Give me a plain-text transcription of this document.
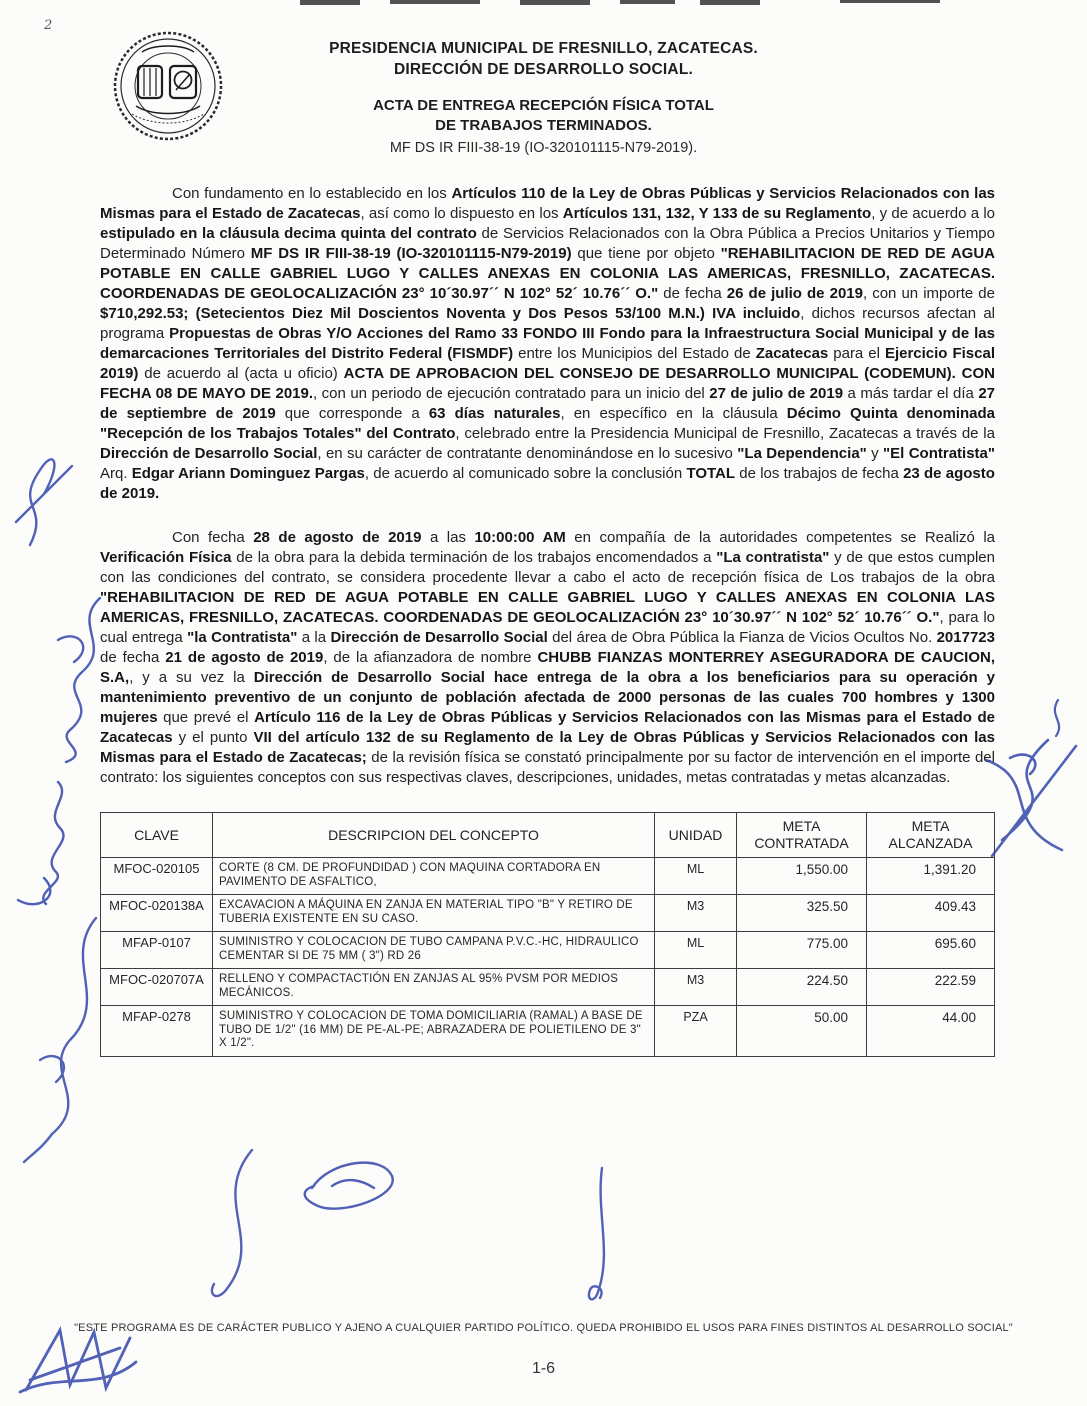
2
PRESIDENCIA MUNICIPAL DE FRESNILLO, ZACATECAS.
DIRECCIÓN DE DESARROLLO SOCIAL.
ACTA DE ENTREGA RECEPCIÓN FÍSICA TOTAL
DE TRABAJOS TERMINADOS.
MF DS IR FIII-38-19 (IO-320101115-N79-2019).

Con fundamento en lo establecido en los Artículos 110 de la Ley de Obras Públicas y Servicios Relacionados con las Mismas para el Estado de Zacatecas, así como lo dispuesto en los Artículos 131, 132, Y 133 de su Reglamento, y de acuerdo a lo estipulado en la cláusula decima quinta del contrato de Servicios Relacionados con la Obra Pública a Precios Unitarios y Tiempo Determinado Número MF DS IR FIII-38-19 (IO-320101115-N79-2019) que tiene por objeto "REHABILITACION DE RED DE AGUA POTABLE EN CALLE GABRIEL LUGO Y CALLES ANEXAS EN COLONIA LAS AMERICAS, FRESNILLO, ZACATECAS. COORDENADAS DE GEOLOCALIZACIÓN 23° 10´30.97´´ N 102° 52´ 10.76´´ O." de fecha 26 de julio de 2019, con un importe de $710,292.53; (Setecientos Diez Mil Doscientos Noventa y Dos Pesos 53/100 M.N.) IVA incluido, dichos recursos afectan al programa Propuestas de Obras Y/O Acciones del Ramo 33 FONDO III Fondo para la Infraestructura Social Municipal y de las demarcaciones Territoriales del Distrito Federal (FISMDF) entre los Municipios del Estado de Zacatecas para el Ejercicio Fiscal 2019) de acuerdo al (acta u oficio) ACTA DE APROBACION DEL CONSEJO DE DESARROLLO MUNICIPAL (CODEMUN). CON FECHA 08 DE MAYO DE 2019., con un periodo de ejecución contratado para un inicio del 27 de julio de 2019 a más tardar el día 27 de septiembre de 2019 que corresponde a 63 días naturales, en específico en la cláusula Décimo Quinta denominada "Recepción de los Trabajos Totales" del Contrato, celebrado entre la Presidencia Municipal de Fresnillo, Zacatecas a través de la Dirección de Desarrollo Social, en su carácter de contratante denominándose en lo sucesivo "La Dependencia" y "El Contratista" Arq. Edgar Ariann Dominguez Pargas, de acuerdo al comunicado sobre la conclusión TOTAL de los trabajos de fecha 23 de agosto de 2019.

Con fecha 28 de agosto de 2019 a las 10:00:00 AM en compañía de la autoridades competentes se Realizó la Verificación Física de la obra para la debida terminación de los trabajos encomendados a "La contratista" y de que estos cumplen con las condiciones del contrato, se considera procedente llevar a cabo el acto de recepción física de Los trabajos de la obra "REHABILITACION DE RED DE AGUA POTABLE EN CALLE GABRIEL LUGO Y CALLES ANEXAS EN COLONIA LAS AMERICAS, FRESNILLO, ZACATECAS. COORDENADAS DE GEOLOCALIZACIÓN 23° 10´30.97´´ N 102° 52´ 10.76´´ O.", para lo cual entrega "la Contratista" a la Dirección de Desarrollo Social del área de Obra Pública la Fianza de Vicios Ocultos No. 2017723 de fecha 21 de agosto de 2019, de la afianzadora de nombre CHUBB FIANZAS MONTERREY ASEGURADORA DE CAUCION, S.A,, y a su vez la Dirección de Desarrollo Social hace entrega de la obra a los beneficiarios para su operación y mantenimiento preventivo de un conjunto de población afectada de 2000 personas de las cuales 700 hombres y 1300 mujeres que prevé el Artículo 116 de la Ley de Obras Públicas y Servicios Relacionados con las Mismas para el Estado de Zacatecas y el punto VII del artículo 132 de su Reglamento de la Ley de Obras Públicas y Servicios Relacionados con las Mismas para el Estado de Zacatecas; de la revisión física se constató principalmente por su factor de intervención en el importe del contrato: los siguientes conceptos con sus respectivas claves, descripciones, unidades, metas contratadas y metas alcanzadas.

CLAVE	DESCRIPCION DEL CONCEPTO	UNIDAD	META CONTRATADA	META ALCANZADA
MFOC-020105	CORTE (8 CM. DE PROFUNDIDAD ) CON MAQUINA CORTADORA EN PAVIMENTO DE ASFALTICO,	ML	1,550.00	1,391.20
MFOC-020138A	EXCAVACION A MÁQUINA EN ZANJA EN MATERIAL TIPO "B" Y RETIRO DE TUBERIA EXISTENTE EN SU CASO.	M3	325.50	409.43
MFAP-0107	SUMINISTRO Y COLOCACION DE TUBO CAMPANA P.V.C.-HC, HIDRAULICO CEMENTAR SI DE 75 MM ( 3") RD 26	ML	775.00	695.60
MFOC-020707A	RELLENO Y COMPACTACTIÓN EN ZANJAS AL 95% PVSM POR MEDIOS MECÁNICOS.	M3	224.50	222.59
MFAP-0278	SUMINISTRO Y COLOCACION DE TOMA DOMICILIARIA (RAMAL) A BASE DE TUBO DE 1/2" (16 MM) DE PE-AL-PE; ABRAZADERA DE POLIETILENO DE 3" X 1/2".	PZA	50.00	44.00
"ESTE PROGRAMA ES DE CARÁCTER PUBLICO Y AJENO A CUALQUIER PARTIDO POLÍTICO. QUEDA PROHIBIDO EL USOS PARA FINES DISTINTOS AL DESARROLLO SOCIAL"
1-6
